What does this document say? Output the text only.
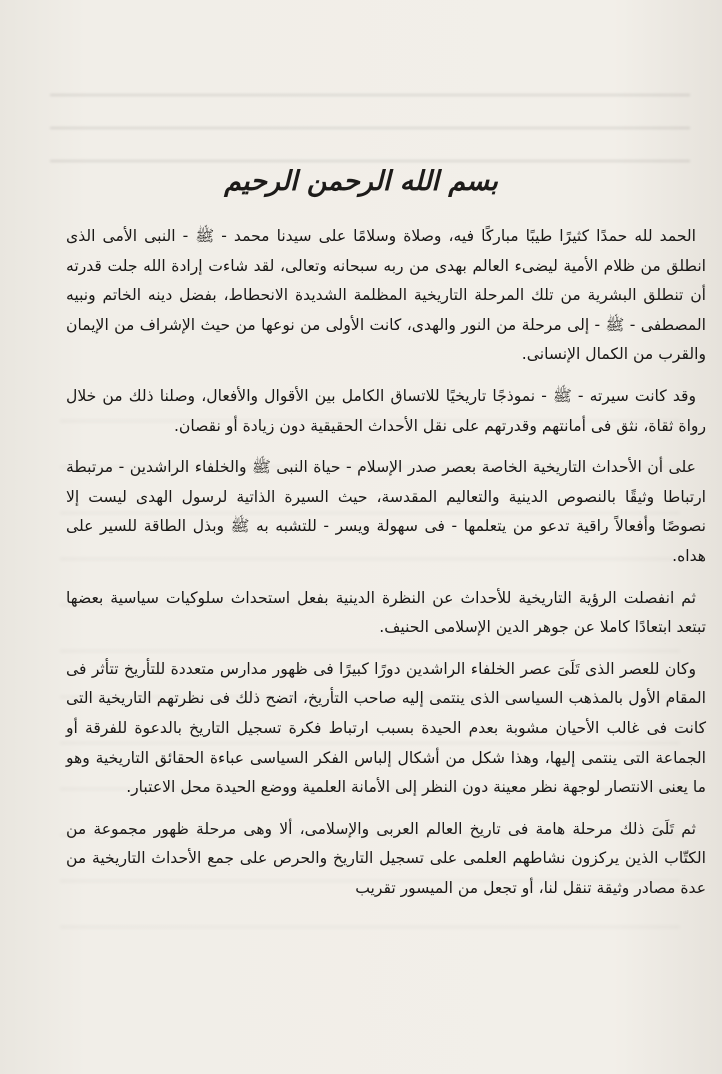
بسم الله الرحمن الرحيم

الحمد لله حمدًا كثيرًا طيبًا مباركًا فيه، وصلاة وسلامًا على سيدنا محمد - ﷺ - النبى الأمى الذى انطلق من ظلام الأمية ليضىء العالم بهدى من ربه سبحانه وتعالى، لقد شاءت إرادة الله جلت قدرته أن تنطلق البشرية من تلك المرحلة التاريخية المظلمة الشديدة الانحطاط، بفضل دينه الخاتم ونبيه المصطفى - ﷺ - إلى مرحلة من النور والهدى، كانت الأولى من نوعها من حيث الإشراف من الإيمان والقرب من الكمال الإنسانى.

وقد كانت سيرته - ﷺ - نموذجًا تاريخيًا للاتساق الكامل بين الأقوال والأفعال، وصلنا ذلك من خلال رواة ثقاة، نثق فى أمانتهم وقدرتهم على نقل الأحداث الحقيقية دون زيادة أو نقصان.

على أن الأحداث التاريخية الخاصة بعصر صدر الإسلام - حياة النبى ﷺ والخلفاء الراشدين - مرتبطة ارتباطا وثيقًا بالنصوص الدينية والتعاليم المقدسة، حيث السيرة الذاتية لرسول الهدى ليست إلا نصوصًا وأفعالاً راقية تدعو من يتعلمها - فى سهولة ويسر - للتشبه به ﷺ وبذل الطاقة للسير على هداه.

ثم انفصلت الرؤية التاريخية للأحداث عن النظرة الدينية بفعل استحداث سلوكيات سياسية بعضها تبتعد ابتعادًا كاملا عن جوهر الدين الإسلامى الحنيف.

وكان للعصر الذى تَلَىَ عصر الخلفاء الراشدين دورًا كبيرًا فى ظهور مدارس متعددة للتأريخ تتأثر فى المقام الأول بالمذهب السياسى الذى ينتمى إليه صاحب التأريخ، اتضح ذلك فى نظرتهم التاريخية التى كانت فى غالب الأحيان مشوبة بعدم الحيدة بسبب ارتباط فكرة تسجيل التاريخ بالدعوة للفرقة أو الجماعة التى ينتمى إليها، وهذا شكل من أشكال إلباس الفكر السياسى عباءة الحقائق التاريخية وهو ما يعنى الانتصار لوجهة نظر معينة دون النظر إلى الأمانة العلمية ووضع الحيدة محل الاعتبار.

ثم تَلَىَ ذلك مرحلة هامة فى تاريخ العالم العربى والإسلامى، ألا وهى مرحلة ظهور مجموعة من الكتّاب الذين يركزون نشاطهم العلمى على تسجيل التاريخ والحرص على جمع الأحداث التاريخية من عدة مصادر وثيقة تنقل لنا، أو تجعل من الميسور تقريب
